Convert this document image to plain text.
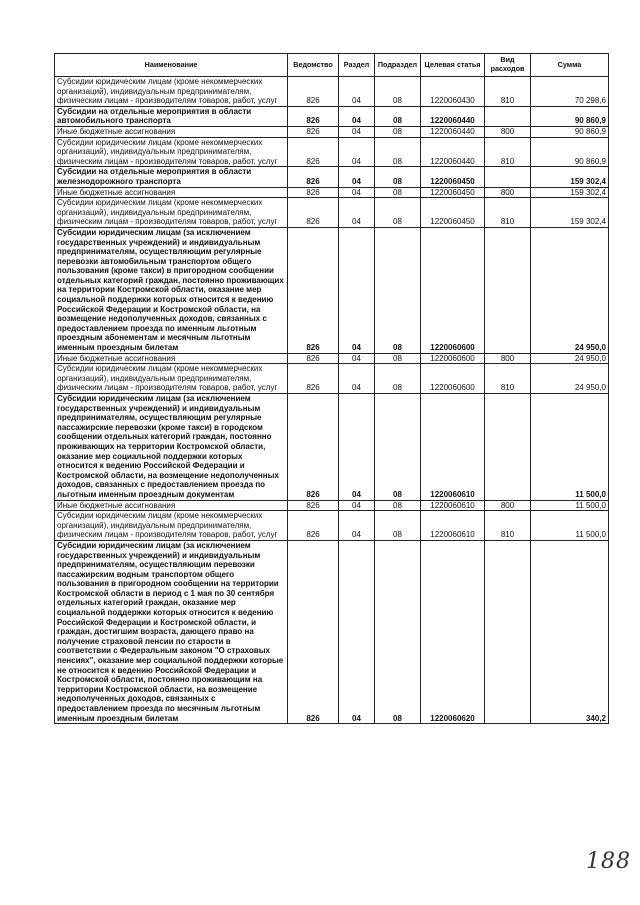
Наименование	Ведомство	Раздел	Подраздел	Целевая статья	Вид расходов	Сумма
Субсидии юридическим лицам (кроме некоммерческих организаций), индивидуальным предпринимателям, физическим лицам - производителям товаров, работ, услуг	826	04	08	1220060430	810	70 298,6
Субсидии на отдельные мероприятия в области автомобильного транспорта	826	04	08	1220060440		90 860,9
Иные бюджетные ассигнования	826	04	08	1220060440	800	90 860,9
Субсидии юридическим лицам (кроме некоммерческих организаций), индивидуальным предпринимателям, физическим лицам - производителям товаров, работ, услуг	826	04	08	1220060440	810	90 860,9
Субсидии на отдельные мероприятия в области железнодорожного транспорта	826	04	08	1220060450		159 302,4
Иные бюджетные ассигнования	826	04	08	1220060450	800	159 302,4
Субсидии юридическим лицам (кроме некоммерческих организаций), индивидуальным предпринимателям, физическим лицам - производителям товаров, работ, услуг	826	04	08	1220060450	810	159 302,4
Субсидии юридическим лицам (за исключением государственных учреждений) и индивидуальным предпринимателям, осуществляющим регулярные перевозки автомобильным транспортом общего пользования (кроме такси) в пригородном сообщении отдельных категорий граждан, постоянно проживающих на территории Костромской области, оказание мер социальной поддержки которых относится к ведению Российской Федерации и Костромской области, на возмещение недополученных доходов, связанных с предоставлением проезда по именным льготным проездным абонементам и месячным льготным именным проездным билетам	826	04	08	1220060600		24 950,0
Иные бюджетные ассигнования	826	04	08	1220060600	800	24 950,0
Субсидии юридическим лицам (кроме некоммерческих организаций), индивидуальным предпринимателям, физическим лицам - производителям товаров, работ, услуг	826	04	08	1220060600	810	24 950,0
Субсидии юридическим лицам (за исключением государственных учреждений) и индивидуальным предпринимателям, осуществляющим регулярные пассажирские перевозки (кроме такси) в городском сообщении отдельных категорий граждан, постоянно проживающих на территории Костромской области, оказание мер социальной поддержки которых относится к ведению Российской Федерации и Костромской области, на возмещение недополученных доходов, связанных с предоставлением проезда по льготным именным проездным документам	826	04	08	1220060610		11 500,0
Иные бюджетные ассигнования	826	04	08	1220060610	800	11 500,0
Субсидии юридическим лицам (кроме некоммерческих организаций), индивидуальным предпринимателям, физическим лицам - производителям товаров, работ, услуг	826	04	08	1220060610	810	11 500,0
Субсидии юридическим лицам (за исключением государственных учреждений) и индивидуальным предпринимателям, осуществляющим перевозки пассажирским водным транспортом общего пользования в пригородном сообщении на территории Костромской области в период с 1 мая по 30 сентября отдельных категорий граждан, оказание мер социальной поддержки которых относится к ведению Российской Федерации и Костромской области, и граждан, достигшим возраста, дающего право на получение страховой пенсии по старости в соответствии с Федеральным законом "О страховых пенсиях", оказание мер социальной поддержки которые не относится к ведению Российской Федерации и Костромской области, постоянно проживающим на территории Костромской области, на возмещение недополученных доходов, связанных с предоставлением проезда по месячным льготным именным проездным билетам	826	04	08	1220060620		340,2
188
